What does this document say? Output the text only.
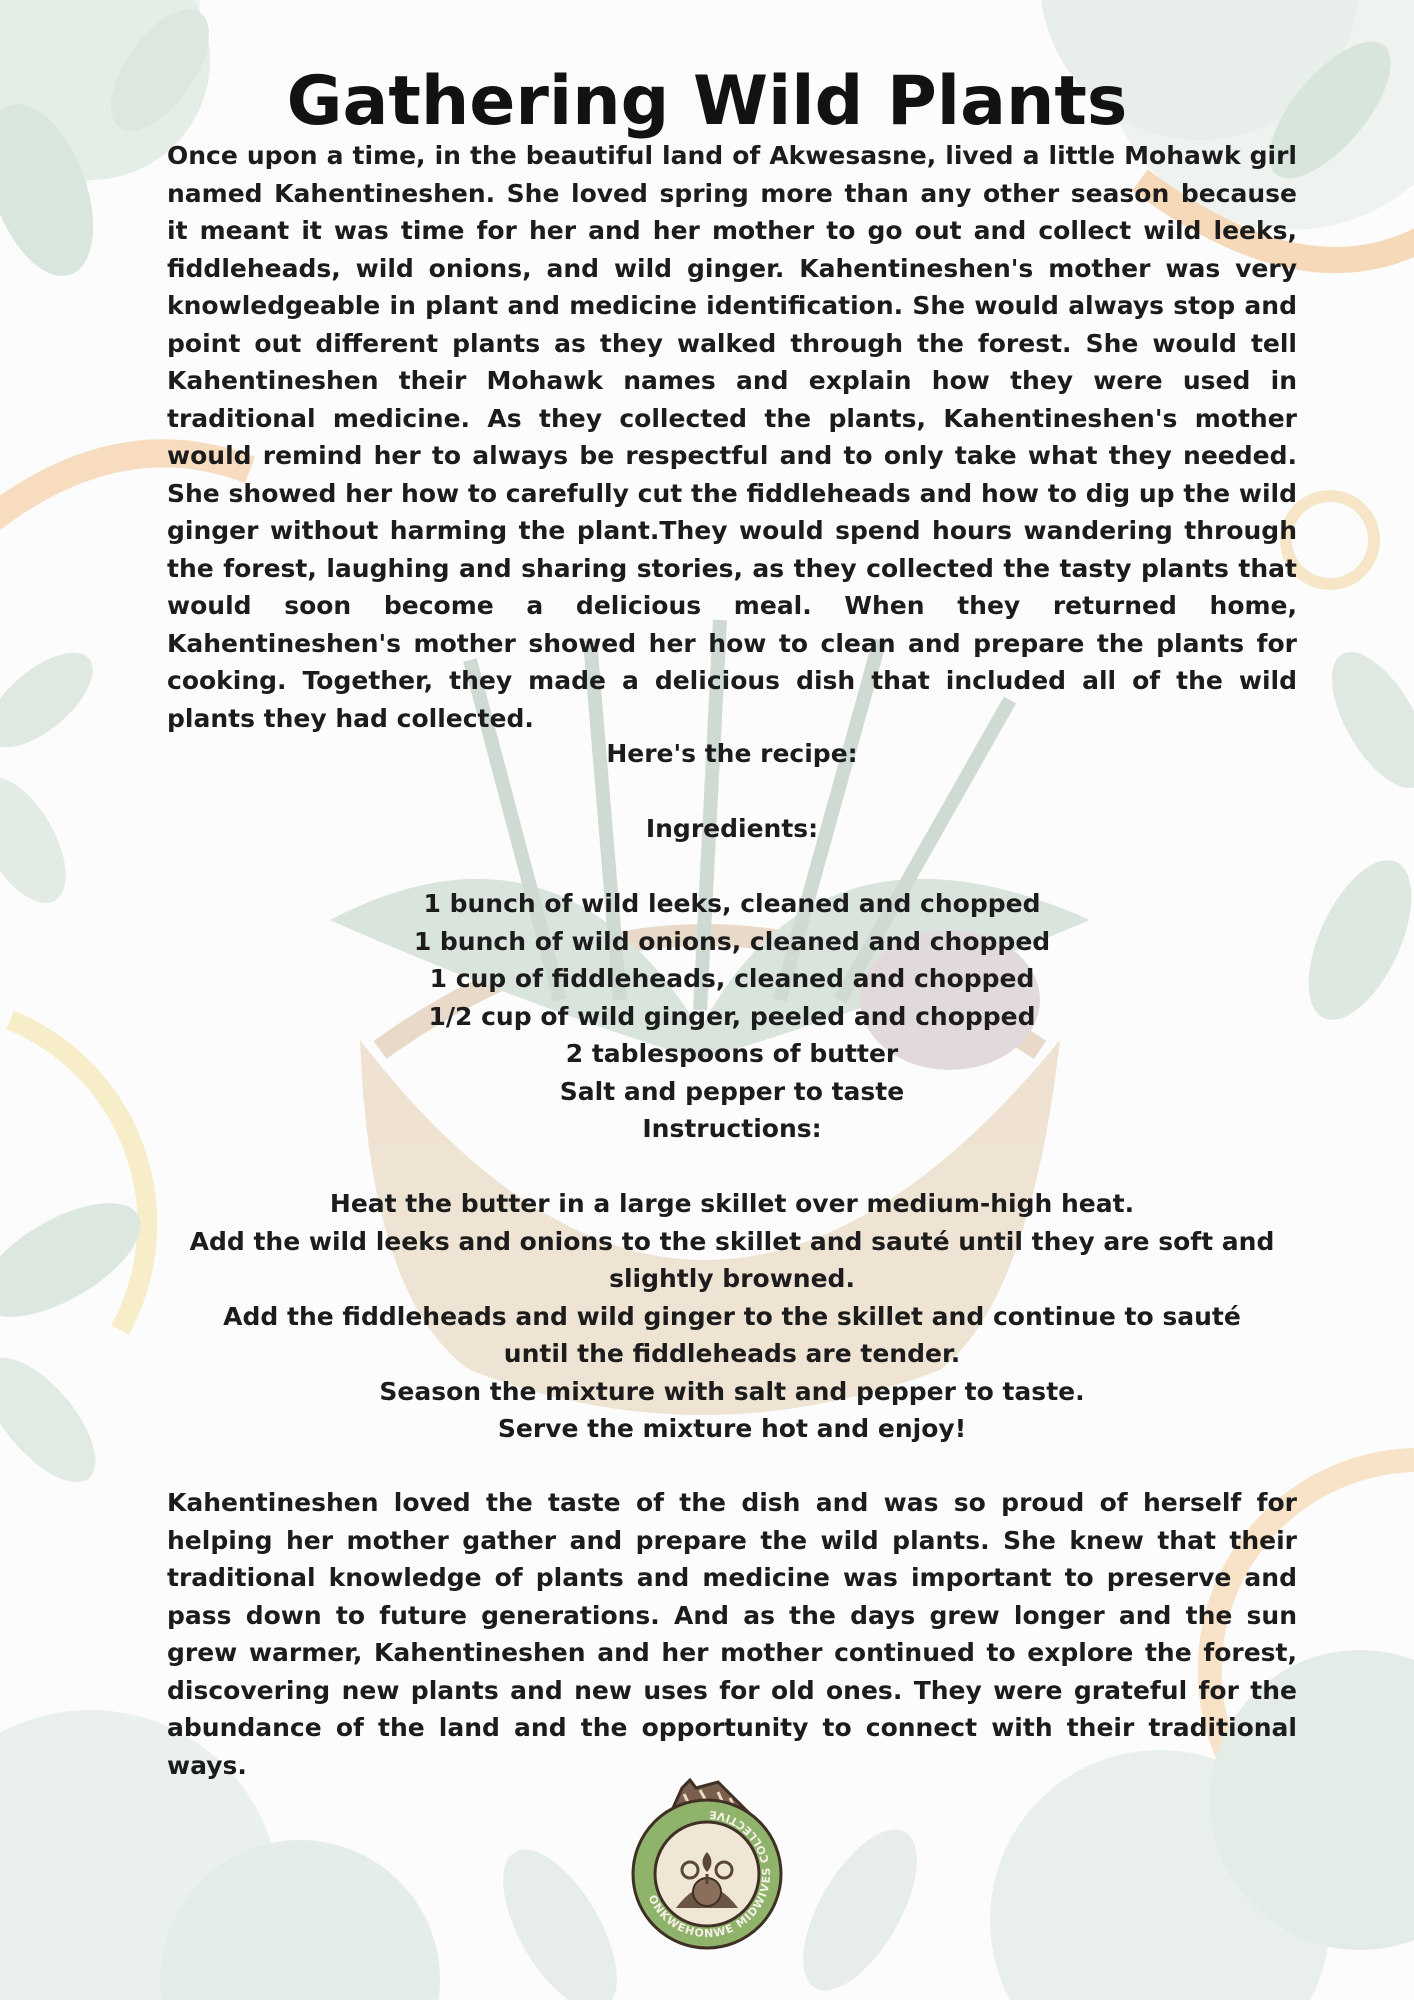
Gathering Wild Plants

Once upon a time, in the beautiful land of Akwesasne, lived a little Mohawk girl named Kahentineshen. She loved spring more than any other season because it meant it was time for her and her mother to go out and collect wild leeks, fiddleheads, wild onions, and wild ginger. Kahentineshen's mother was very knowledgeable in plant and medicine identification. She would always stop and point out different plants as they walked through the forest. She would tell Kahentineshen their Mohawk names and explain how they were used in traditional medicine. As they collected the plants, Kahentineshen's mother would remind her to always be respectful and to only take what they needed. She showed her how to carefully cut the fiddleheads and how to dig up the wild ginger without harming the plant.They would spend hours wandering through the forest, laughing and sharing stories, as they collected the tasty plants that would soon become a delicious meal. When they returned home, Kahentineshen's mother showed her how to clean and prepare the plants for cooking. Together, they made a delicious dish that included all of the wild plants they had collected.

Here's the recipe:
Ingredients:
1 bunch of wild leeks, cleaned and chopped
1 bunch of wild onions, cleaned and chopped
1 cup of fiddleheads, cleaned and chopped
1/2 cup of wild ginger, peeled and chopped
2 tablespoons of butter
Salt and pepper to taste
Instructions:
Heat the butter in a large skillet over medium-high heat.
Add the wild leeks and onions to the skillet and sauté until they are soft and slightly browned.
Add the fiddleheads and wild ginger to the skillet and continue to sauté until the fiddleheads are tender.
Season the mixture with salt and pepper to taste.
Serve the mixture hot and enjoy!

Kahentineshen loved the taste of the dish and was so proud of herself for helping her mother gather and prepare the wild plants. She knew that their traditional knowledge of plants and medicine was important to preserve and pass down to future generations. And as the days grew longer and the sun grew warmer, Kahentineshen and her mother continued to explore the forest, discovering new plants and new uses for old ones. They were grateful for the abundance of the land and the opportunity to connect with their traditional ways.

ONKWEHONWE MIDWIVES COLLECTIVE
